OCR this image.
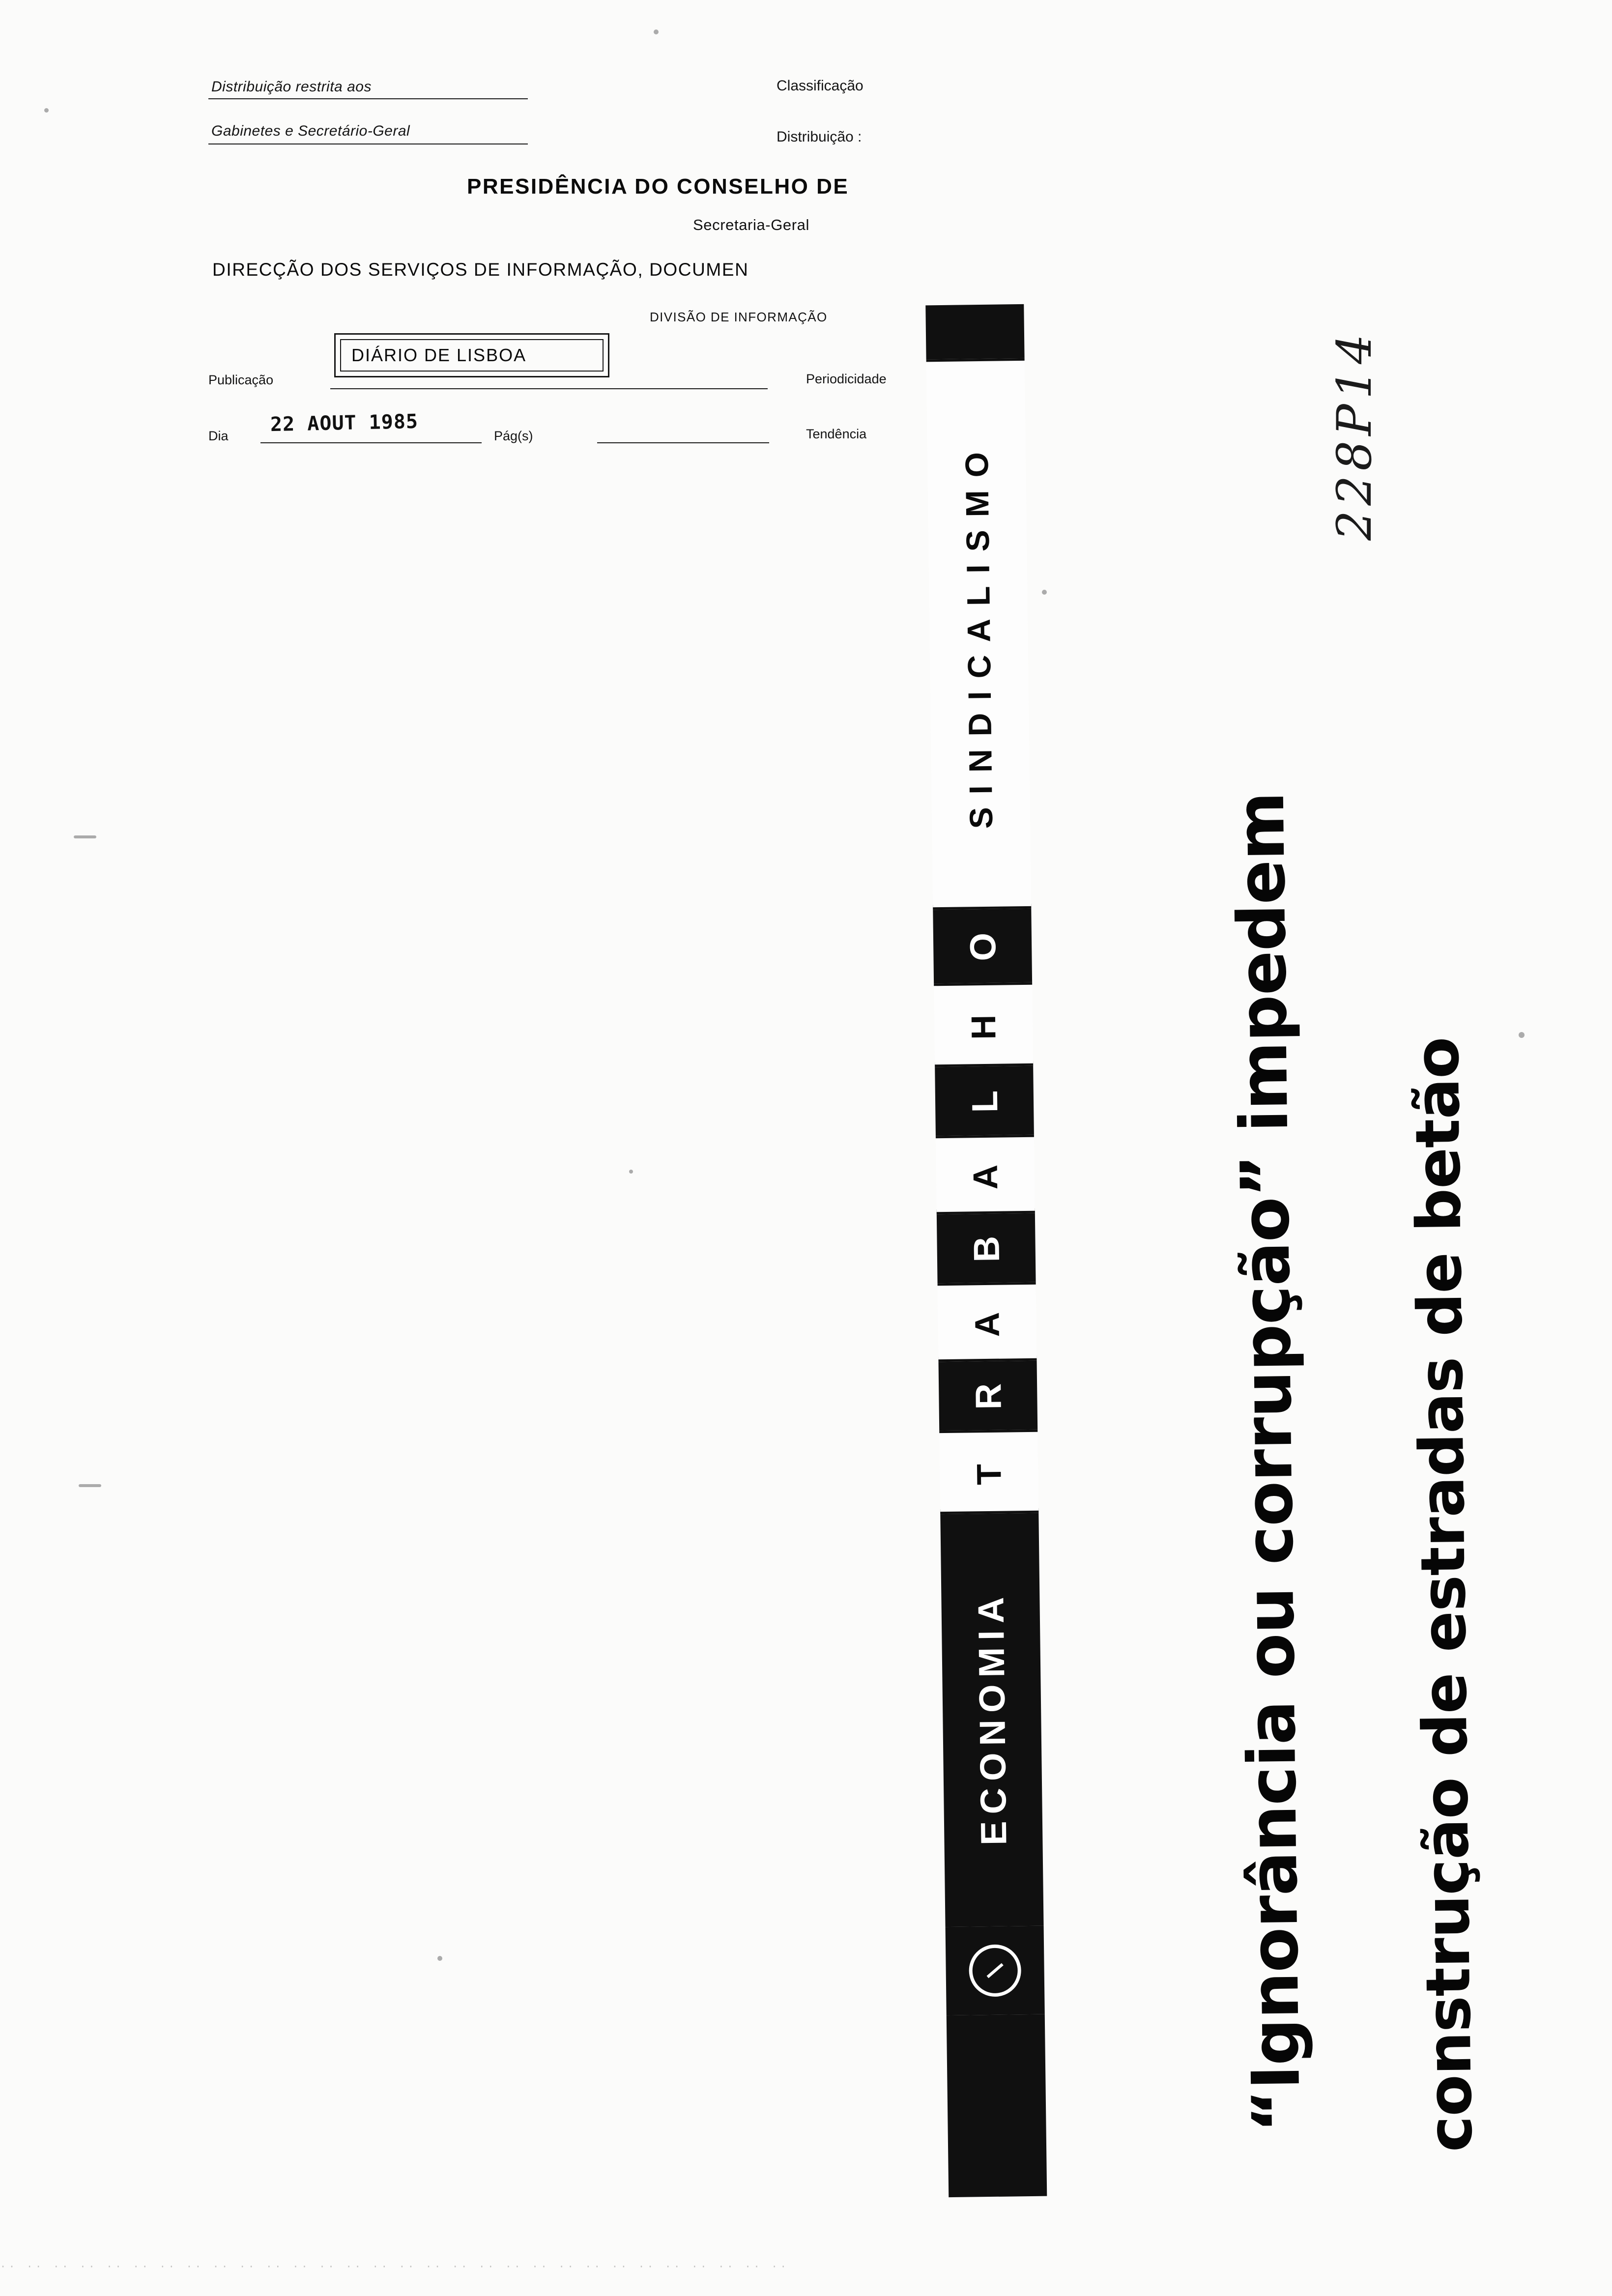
Distribuição restrita aos
Gabinetes e Secretário-Geral
Classificação
Distribuição :
PRESIDÊNCIA DO CONSELHO DE
Secretaria-Geral
DIRECÇÃO DOS SERVIÇOS DE INFORMAÇÃO, DOCUMEN
DIVISÃO DE INFORMAÇÃO
DIÁRIO DE LISBOA
Publicação	Periodicidade
Dia 22 AOUT 1985	Pág(s)	Tendência
ECONOMIA
T
R
A
B
A
L
H
O
SINDICALISMO
“Ignorância ou corrupção” impedem construção de estradas de betão
228P14
·· ·· ·· ·· ·· ·· ·· ·· ·· ·· ·· ·· ·· ·· ·· ·· ·· ·· ·· ·· ·· ·· ·· ·· ·· ·· ·· ·· ·· ··
